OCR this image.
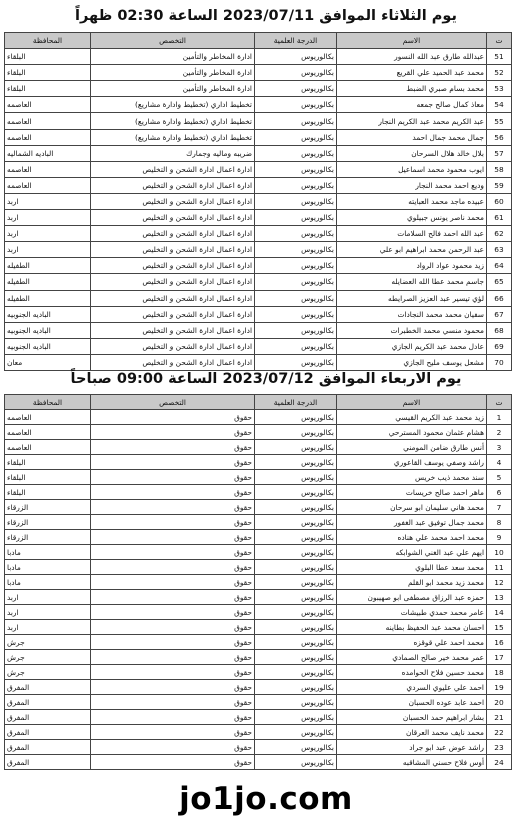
يوم الثلاثاء الموافق 2023/07/11 الساعة 02:30 ظهراً
ت	الاسم	الدرجة العلمية	التخصص	المحافظة
51	عبدالله طارق عبد الله النسور	بكالوريوس	ادارة المخاطر والتأمين	البلقاء
52	محمد عبد الحميد علي القريع	بكالوريوس	ادارة المخاطر والتأمين	البلقاء
53	محمد بسام صبري الضبط	بكالوريوس	ادارة المخاطر والتأمين	البلقاء
54	معاذ كمال صالح جمعه	بكالوريوس	تخطيط اداري (تخطيط وادارة مشاريع)	العاصمه
55	عبد الكريم محمد عبد الكريم النجار	بكالوريوس	تخطيط اداري (تخطيط وادارة مشاريع)	العاصمه
56	جمال محمد جمال احمد	بكالوريوس	تخطيط اداري (تخطيط وادارة مشاريع)	العاصمه
57	بلال خالد هلال السرحان	بكالوريوس	ضريبه وماليه وجمارك	الباديه الشماليه
58	ايوب محمود محمد اسماعيل	بكالوريوس	ادارة اعمال ادارة الشحن و التخليص	العاصمه
59	وديع احمد محمد النجار	بكالوريوس	ادارة اعمال ادارة الشحن و التخليص	العاصمه
60	عبيده ماجد محمد العبايته	بكالوريوس	ادارة اعمال ادارة الشحن و التخليص	اربد
61	محمد ناصر يونس جبيلوي	بكالوريوس	ادارة اعمال ادارة الشحن و التخليص	اربد
62	عبد الله احمد فالح السلامات	بكالوريوس	ادارة اعمال ادارة الشحن و التخليص	اربد
63	عبد الرحمن محمد ابراهيم ابو علي	بكالوريوس	ادارة اعمال ادارة الشحن و التخليص	اربد
64	زيد محمود عواد الرواد	بكالوريوس	ادارة اعمال ادارة الشحن و التخليص	الطفيله
65	جاسم محمد عطا الله العضايله	بكالوريوس	ادارة اعمال ادارة الشحن و التخليص	الطفيله
66	لؤي تيسير عبد العزيز الصرايطه	بكالوريوس	ادارة اعمال ادارة الشحن و التخليص	الطفيله
67	سفيان محمد محمد النجادات	بكالوريوس	ادارة اعمال ادارة الشحن و التخليص	الباديه الجنوبيه
68	محمود منسي محمد الخطبرات	بكالوريوس	ادارة اعمال ادارة الشحن و التخليص	الباديه الجنوبيه
69	عادل محمد عبد الكريم الجازي	بكالوريوس	ادارة اعمال ادارة الشحن و التخليص	الباديه الجنوبيه
70	مشعل يوسف مليح الجازي	بكالوريوس	ادارة اعمال ادارة الشحن و التخليص	معان
يوم الاربعاء الموافق 2023/07/12 الساعة 09:00 صباحاً
ت	الاسم	الدرجة العلمية	التخصص	المحافظة
1	زيد محمد عبد الكريم القيسي	بكالوريوس	حقوق	العاصمه
2	هشام عثمان محمود المسترحي	بكالوريوس	حقوق	العاصمه
3	أنس طارق ضامن المومني	بكالوريوس	حقوق	العاصمه
4	راشد وصفي يوسف القاعوري	بكالوريوس	حقوق	البلقاء
5	سند محمد ذيب خريس	بكالوريوس	حقوق	البلقاء
6	ماهر احمد صالح خريسات	بكالوريوس	حقوق	البلقاء
7	محمد هاني سليمان ابو سرحان	بكالوريوس	حقوق	الزرقاء
8	محمد جمال توفيق عبد الغفور	بكالوريوس	حقوق	الزرقاء
9	محمد احمد محمد علي هناده	بكالوريوس	حقوق	الزرقاء
10	ايهم علي عبد الغني الشوابكه	بكالوريوس	حقوق	مادبا
11	محمد سعد عطا البلوي	بكالوريوس	حقوق	مادبا
12	محمد زيد محمد ابو القلم	بكالوريوس	حقوق	مادبا
13	حمزه عبد الرزاق مصطفى ابو صهيبون	بكالوريوس	حقوق	اربد
14	عامر محمد حمدي طبيشات	بكالوريوس	حقوق	اربد
15	احسان محمد عبد الحفيظ بطاينه	بكالوريوس	حقوق	اربد
16	محمد احمد علي قوقزه	بكالوريوس	حقوق	جرش
17	عمر محمد خير صالح الصمادي	بكالوريوس	حقوق	جرش
18	محمد حسين فلاح الحوامده	بكالوريوس	حقوق	جرش
19	احمد علي عليوي السردي	بكالوريوس	حقوق	المفرق
20	احمد عابد عوده الحسبان	بكالوريوس	حقوق	المفرق
21	بشار ابراهيم حمد الحسبان	بكالوريوس	حقوق	المفرق
22	محمد نايف محمد العرقان	بكالوريوس	حقوق	المفرق
23	راشد عوض عبد ابو جراد	بكالوريوس	حقوق	المفرق
24	أوس فلاح حسني المشاقبه	بكالوريوس	حقوق	المفرق
jo1jo.com
